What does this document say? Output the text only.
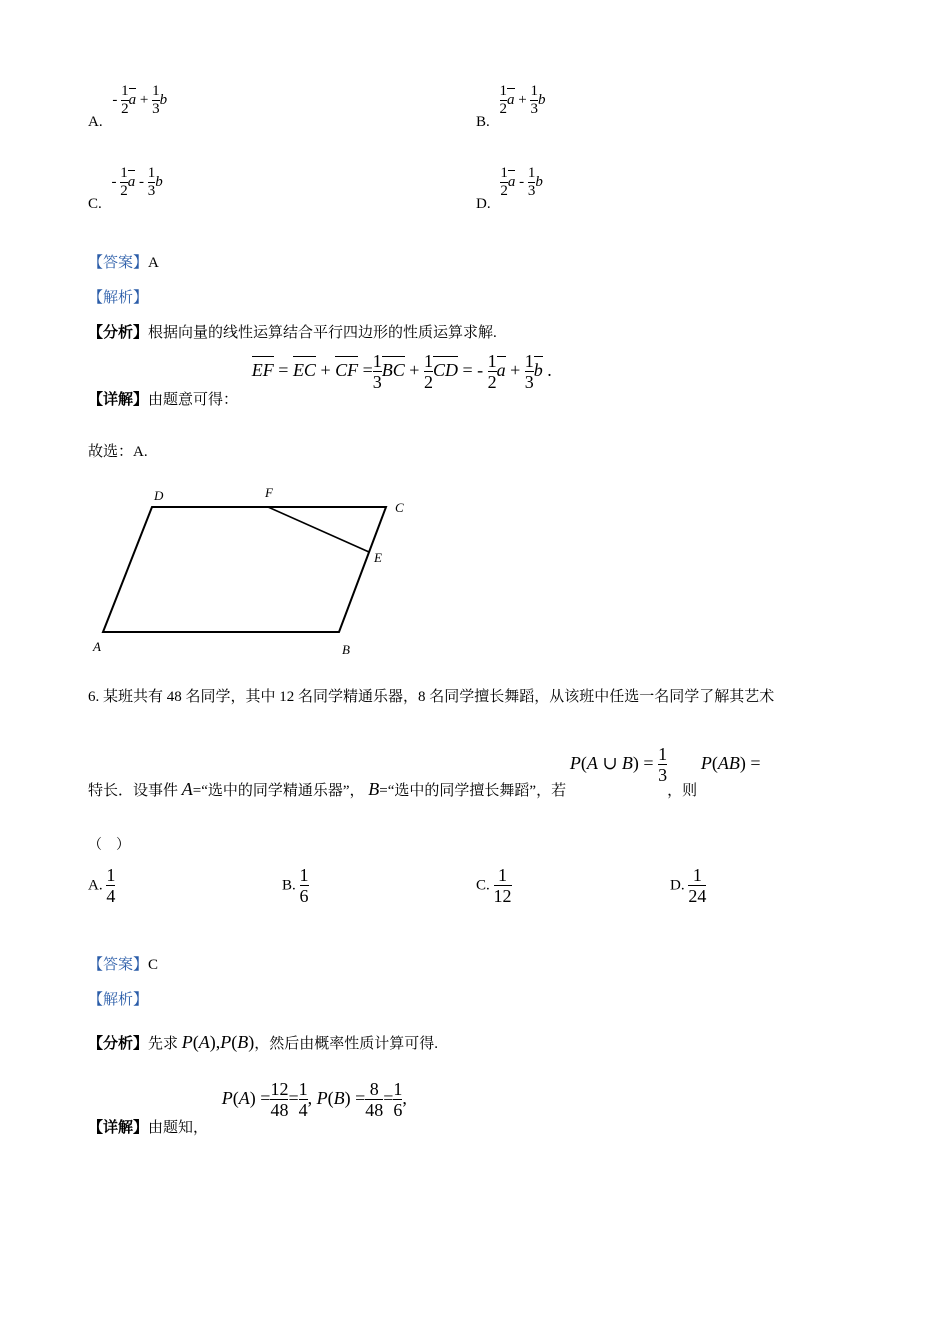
A. - $\frac{1}{2}$ $a + \frac{1}{3}$ b
B.
$\frac{1}{2}$ $a + \frac{1}{3}$ b
C. - $\frac{1}{2}$ a - $\frac{1}{3}$ b
D.
$\frac{1}{2}$ a - $\frac{1}{3}$ b
【答案】A
【解析】
【分析】根据向量的线性运算结合平行四边形的性质运算求解.
【详解】由题意可得： EF = EC + CF = $\frac{1}{3}$ BC + $\frac{1}{2}$ CD = - $\frac{1}{2}$ $a + \frac{1}{3}$ b .
故选：A.
D	F
C
E
A	B
6. 某班共有 48 名同学，其中 12 名同学精通乐器，8 名同学擅长舞蹈，从该班中任选一名同学了解其艺术
特长．设事件 A=“选中的同学精通乐器”， B=“选中的同学擅长舞蹈”，若 P(A ∪ $B) = \frac{1}{3}$
，则 P(AB) =
（　）
A. $\frac{1}{4}$	B. $\frac{1}{6}$	C. $\frac{1}{12}$	D. $\frac{1}{24}$
【答案】C
【解析】
【分析】先求 P(A),P(B)，然后由概率性质计算可得.
【详解】由题知， $P(A) = \frac{12}{48} = \frac{1}{4}$ , $P(B) = \frac{8}{48} = \frac{1}{6}$ ,
